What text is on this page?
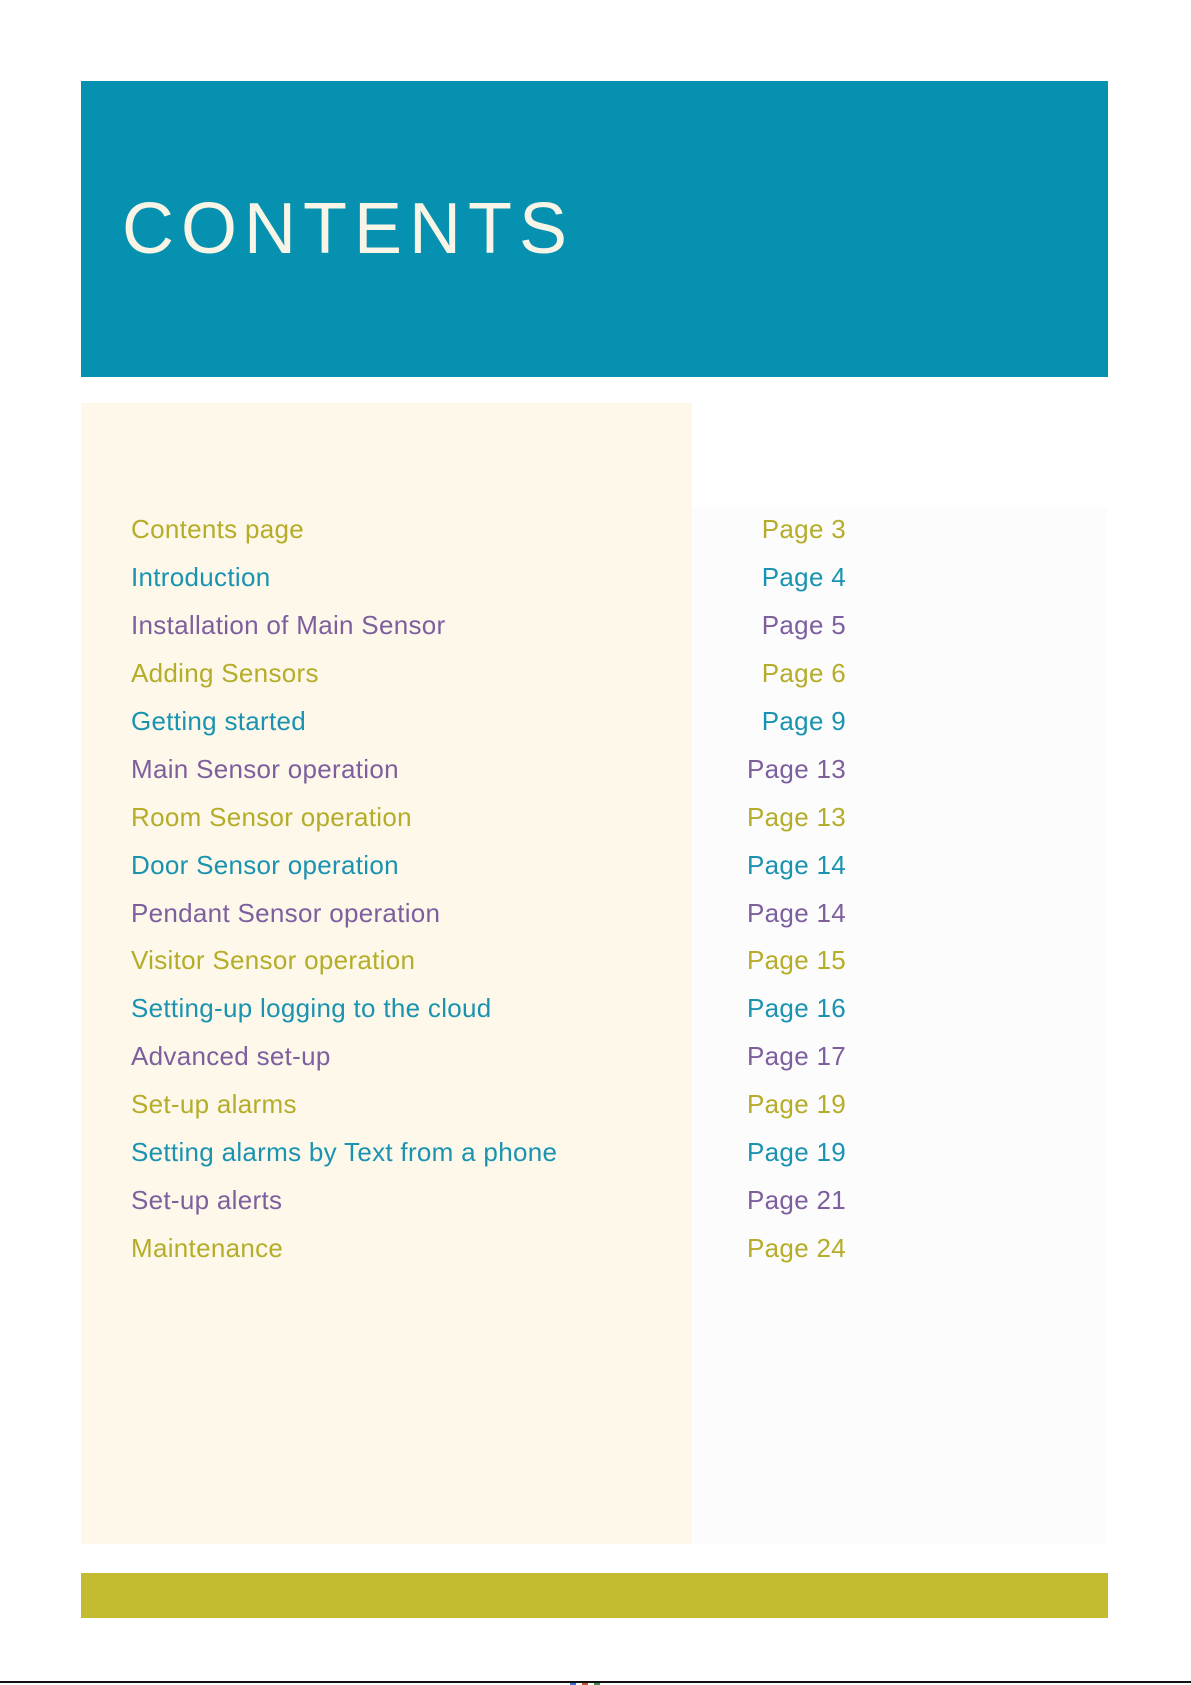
CONTENTS
Contents page	Page 3
Introduction	Page 4
Installation of Main Sensor	Page 5
Adding Sensors	Page 6
Getting started	Page 9
Main Sensor operation	Page 13
Room Sensor operation	Page 13
Door Sensor operation	Page 14
Pendant Sensor operation	Page 14
Visitor Sensor operation	Page 15
Setting-up logging to the cloud	Page 16
Advanced set-up	Page 17
Set-up alarms	Page 19
Setting alarms by Text from a phone	Page 19
Set-up alerts	Page 21
Maintenance	Page 24
